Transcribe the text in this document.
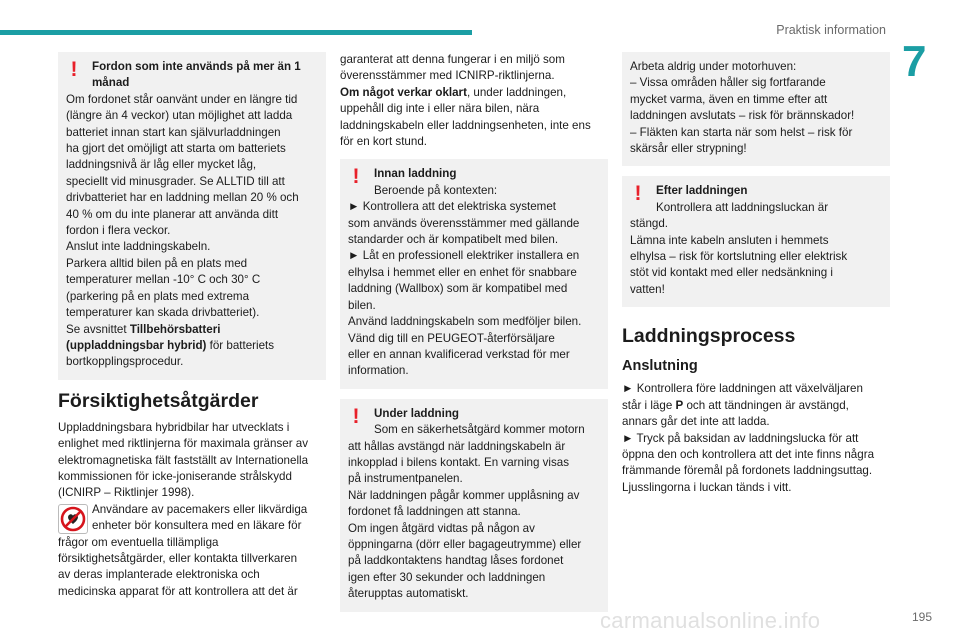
Praktisk information
7
!	Fordon som inte används på mer än 1
månad
Om fordonet står oanvänt under en längre tid
(längre än 4 veckor) utan möjlighet att ladda
batteriet innan start kan självurladdningen
ha gjort det omöjligt att starta om batteriets
laddningsnivå är låg eller mycket låg,
speciellt vid minusgrader. Se ALLTID till att
drivbatteriet har en laddning mellan 20 % och
40 % om du inte planerar att använda ditt
fordon i flera veckor.
Anslut inte laddningskabeln.
Parkera alltid bilen på en plats med
temperaturer mellan -10° C och 30° C
(parkering på en plats med extrema
temperaturer kan skada drivbatteriet).
Se avsnittet Tillbehörsbatteri
(uppladdningsbar hybrid) för batteriets
bortkopplingsprocedur.
Försiktighetsåtgärder
Uppladdningsbara hybridbilar har utvecklats i
enlighet med riktlinjerna för maximala gränser av
elektromagnetiska fält fastställt av Internationella
kommissionen för icke-joniserande strålskydd
(ICNIRP – Riktlinjer 1998).
Användare av pacemakers eller likvärdiga
enheter bör konsultera med en läkare för
frågor om eventuella tillämpliga
försiktighetsåtgärder, eller kontakta tillverkaren
av deras implanterade elektroniska och
medicinska apparat för att kontrollera att det är
garanterat att denna fungerar i en miljö som
överensstämmer med ICNIRP-riktlinjerna.
Om något verkar oklart, under laddningen,
uppehåll dig inte i eller nära bilen, nära
laddningskabeln eller laddningsenheten, inte ens
för en kort stund.
!	Innan laddning
Beroende på kontexten:
► Kontrollera att det elektriska systemet
som används överensstämmer med gällande
standarder och är kompatibelt med bilen.
► Låt en professionell elektriker installera en
elhylsa i hemmet eller en enhet för snabbare
laddning (Wallbox) som är kompatibel med
bilen.
Använd laddningskabeln som medföljer bilen.
Vänd dig till en PEUGEOT-återförsäljare
eller en annan kvalificerad verkstad för mer
information.
!	Under laddning
Som en säkerhetsåtgärd kommer motorn
att hållas avstängd när laddningskabeln är
inkopplad i bilens kontakt. En varning visas
på instrumentpanelen.
När laddningen pågår kommer upplåsning av
fordonet få laddningen att stanna.
Om ingen åtgärd vidtas på någon av
öppningarna (dörr eller bagageutrymme) eller
på laddkontaktens handtag låses fordonet
igen efter 30 sekunder och laddningen
återupptas automatiskt.
Arbeta aldrig under motorhuven:
– Vissa områden håller sig fortfarande
mycket varma, även en timme efter att
laddningen avslutats – risk för brännskador!
– Fläkten kan starta när som helst – risk för
skärsår eller strypning!
!	Efter laddningen
Kontrollera att laddningsluckan är
stängd.
Lämna inte kabeln ansluten i hemmets
elhylsa – risk för kortslutning eller elektrisk
stöt vid kontakt med eller nedsänkning i
vatten!
Laddningsprocess
Anslutning
► Kontrollera före laddningen att växelväljaren
står i läge P och att tändningen är avstängd,
annars går det inte att ladda.
► Tryck på baksidan av laddningslucka för att
öppna den och kontrollera att det inte finns några
främmande föremål på fordonets laddningsuttag.
Ljusslingorna i luckan tänds i vitt.
carmanualsonline.info	195
